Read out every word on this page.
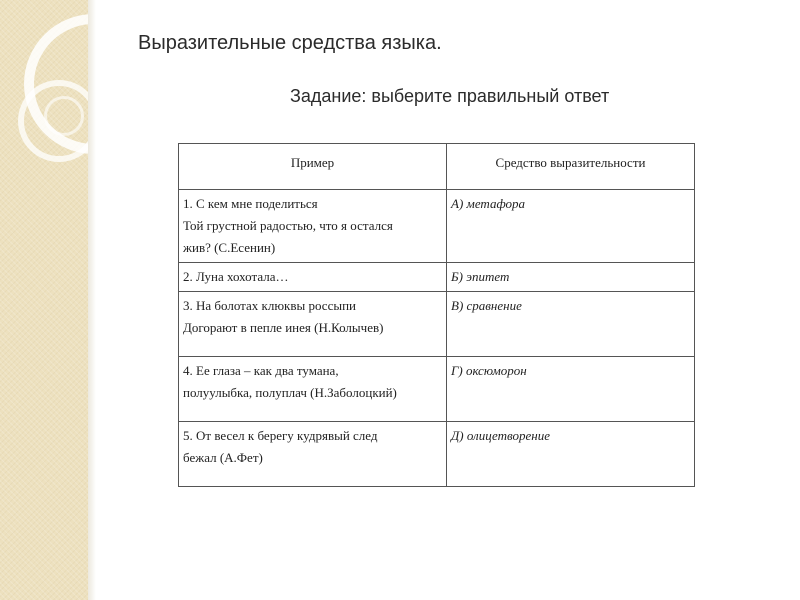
Выразительные средства языка.
Задание: выберите правильный ответ
Пример	Средство выразительности

1. С кем мне поделиться
Той грустной радостью, что я остался
жив? (С.Есенин)	А) метафора

2. Луна хохотала…	Б) эпитет

3. На болотах клюквы россыпи
Догорают в пепле инея (Н.Колычев)	В) сравнение

4. Ее глаза – как два тумана,
полуулыбка, полуплач (Н.Заболоцкий)	Г) оксюморон

5. От весел к берегу кудрявый след
бежал (А.Фет)	Д) олицетворение
